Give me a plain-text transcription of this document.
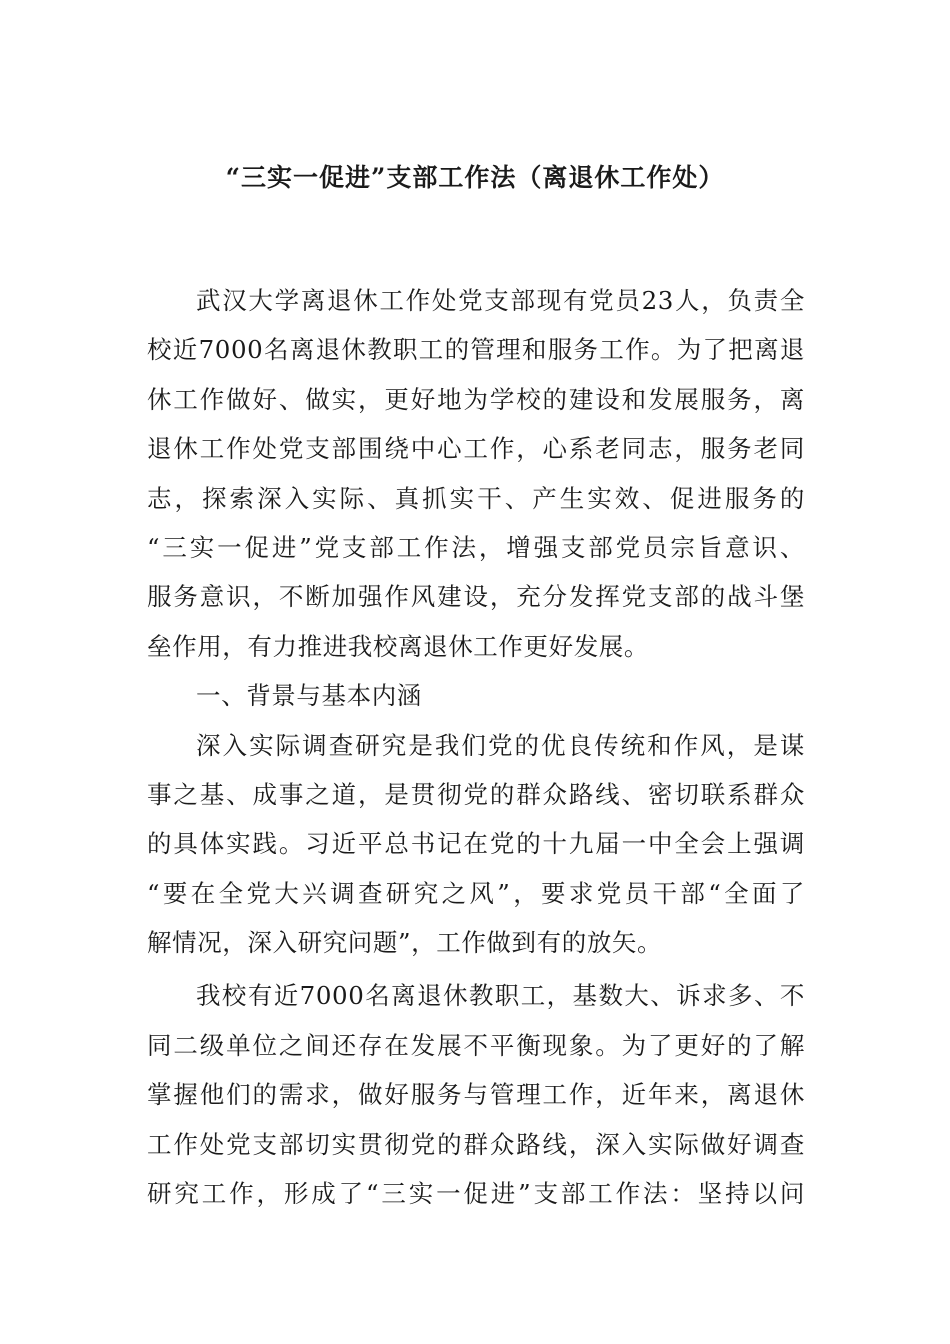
“三实一促进”支部工作法（离退休工作处）
武汉大学离退休工作处党支部现有党员23人，负责全
校近7000名离退休教职工的管理和服务工作。为了把离退
休工作做好、做实，更好地为学校的建设和发展服务，离
退休工作处党支部围绕中心工作，心系老同志，服务老同
志，探索深入实际、真抓实干、产生实效、促进服务的
“三实一促进”党支部工作法，增强支部党员宗旨意识、
服务意识，不断加强作风建设，充分发挥党支部的战斗堡
垒作用，有力推进我校离退休工作更好发展。
一、背景与基本内涵
深入实际调查研究是我们党的优良传统和作风，是谋
事之基、成事之道，是贯彻党的群众路线、密切联系群众
的具体实践。习近平总书记在党的十九届一中全会上强调
“要在全党大兴调查研究之风”，要求党员干部“全面了
解情况，深入研究问题”，工作做到有的放矢。
我校有近7000名离退休教职工，基数大、诉求多、不
同二级单位之间还存在发展不平衡现象。为了更好的了解
掌握他们的需求，做好服务与管理工作，近年来，离退休
工作处党支部切实贯彻党的群众路线，深入实际做好调查
研究工作，形成了“三实一促进”支部工作法：坚持以问
